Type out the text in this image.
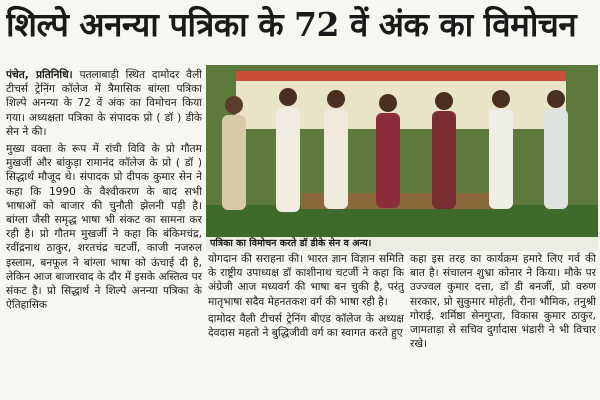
शिल्पे अनन्या पत्रिका के 72 वें अंक का विमोचन

पंचेत, प्रतिनिधि। पतलाबाड़ी स्थित दामोदर वैली टीचर्स ट्रेनिंग कॉलेज में त्रैमासिक बांग्ला पत्रिका शिल्पे अनन्या के 72 वें अंक का विमोचन किया गया। अध्यक्षता पत्रिका के संपादक प्रो ( डॉ ) डीके सेन ने की।

मुख्य वक्ता के रूप में रांची विवि के प्रो गौतम मुखर्जी और बांकुड़ा रामानंद कॉलेज के प्रो ( डॉ ) सिद्धार्थ मौजूद थे। संपादक प्रो दीपक कुमार सेन ने कहा कि 1990 के वैश्वीकरण के बाद सभी भाषाओं को बाजार की चुनौती झेलनी पड़ी है। बांग्ला जैसी समृद्ध भाषा भी संकट का सामना कर रही है। प्रो गौतम मुखर्जी ने कहा कि बंकिमचंद्र, रवींद्रनाथ ठाकुर, शरतचंद्र चटर्जी, काजी नजरुल इस्लाम, बनफूल ने बांग्ला भाषा को ऊंचाई दी है, लेकिन आज बाजारवाद के दौर में इसके अस्तित्व पर संकट है। प्रो सिद्धार्थ ने शिल्पे अनन्या पत्रिका के ऐतिहासिक

पत्रिका का विमोचन करते डॉ डीके सेन व अन्य।

योगदान की सराहना की। भारत ज्ञान विज्ञान समिति के राष्ट्रीय उपाध्यक्ष डॉ काशीनाथ चटर्जी ने कहा कि अंग्रेजी आज मध्यवर्ग की भाषा बन चुकी है, परंतु मातृभाषा सदैव मेहनतकश वर्ग की भाषा रही है।

दामोदर वैली टीचर्स ट्रेनिंग बीएड कॉलेज के अध्यक्ष देवदास महतो ने बुद्धिजीवी वर्ग का स्वागत करते हुए

कहा इस तरह का कार्यक्रम हमारे लिए गर्व की बात है। संचालन शुभ्रा कोनार ने किया। मौके पर उज्ज्वल कुमार दत्ता, डॉ डी बनर्जी, प्रो वरुण सरकार, प्रो सुकुमार मोहंती, रीना भौमिक, तनुश्री गोराई, शर्मिष्ठा सेनगुप्ता, विकास कुमार ठाकुर, जामताड़ा से सचिव दुर्गादास भंडारी ने भी विचार रखे।
